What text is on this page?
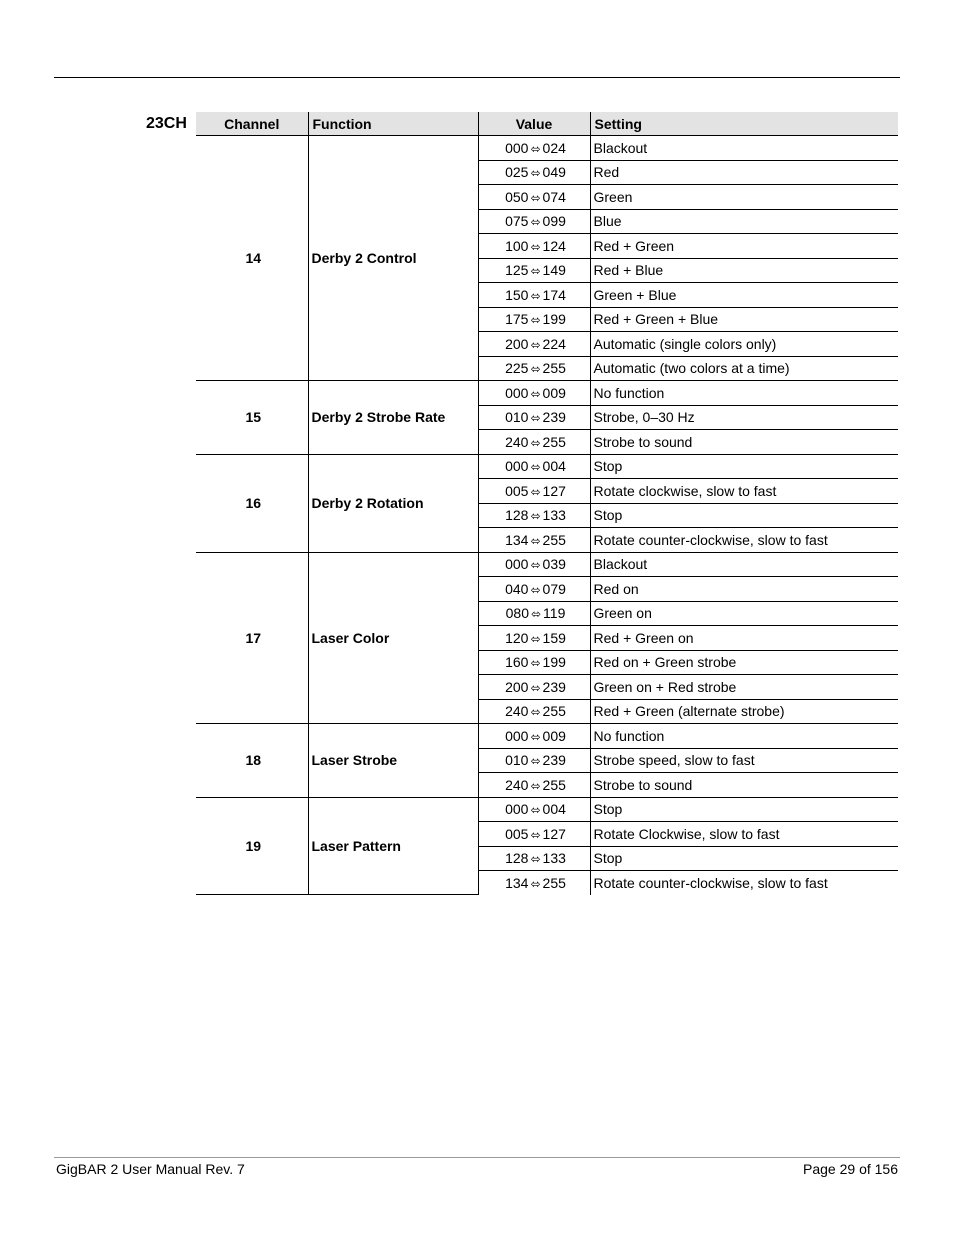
23CH	Channel	Function	Value	Setting
14	Derby 2 Control	000 ⬄ 024	Blackout
		025 ⬄ 049	Red
		050 ⬄ 074	Green
		075 ⬄ 099	Blue
		100 ⬄ 124	Red + Green
		125 ⬄ 149	Red + Blue
		150 ⬄ 174	Green + Blue
		175 ⬄ 199	Red + Green + Blue
		200 ⬄ 224	Automatic (single colors only)
		225 ⬄ 255	Automatic (two colors at a time)
15	Derby 2 Strobe Rate	000 ⬄ 009	No function
		010 ⬄ 239	Strobe, 0–30 Hz
		240 ⬄ 255	Strobe to sound
16	Derby 2 Rotation	000 ⬄ 004	Stop
		005 ⬄ 127	Rotate clockwise, slow to fast
		128 ⬄ 133	Stop
		134 ⬄ 255	Rotate counter-clockwise, slow to fast
17	Laser Color	000 ⬄ 039	Blackout
		040 ⬄ 079	Red on
		080 ⬄ 119	Green on
		120 ⬄ 159	Red + Green on
		160 ⬄ 199	Red on + Green strobe
		200 ⬄ 239	Green on + Red strobe
		240 ⬄ 255	Red + Green (alternate strobe)
18	Laser Strobe	000 ⬄ 009	No function
		010 ⬄ 239	Strobe speed, slow to fast
		240 ⬄ 255	Strobe to sound
19	Laser Pattern	000 ⬄ 004	Stop
		005 ⬄ 127	Rotate Clockwise, slow to fast
		128 ⬄ 133	Stop
		134 ⬄ 255	Rotate counter-clockwise, slow to fast
GigBAR 2 User Manual Rev. 7	Page 29 of 156
